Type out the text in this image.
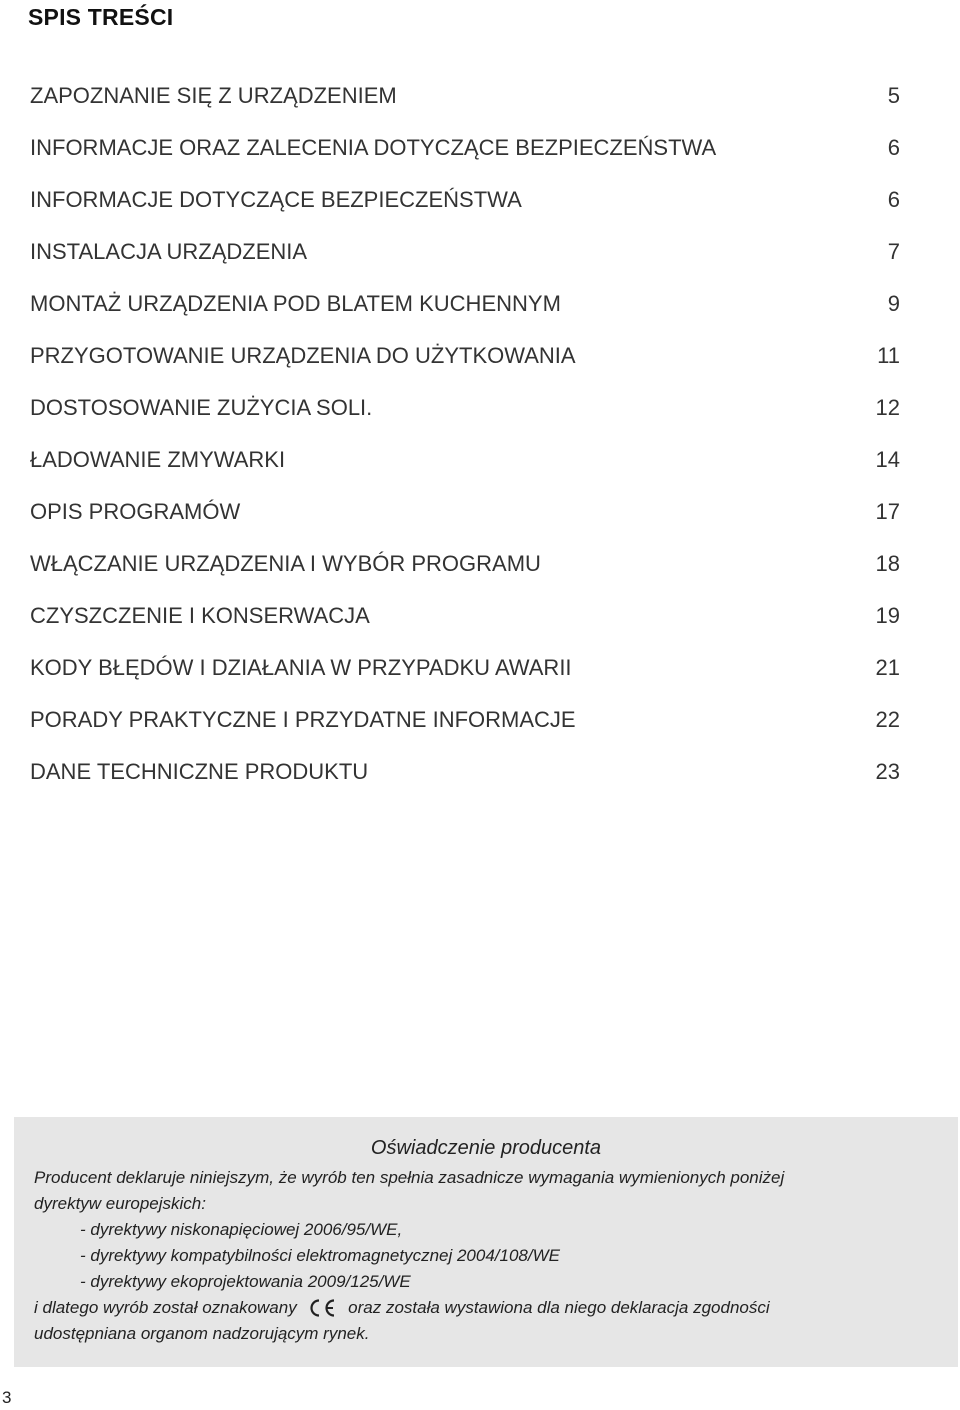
SPIS TREŚCI
ZAPOZNANIE SIĘ Z URZĄDZENIEM	5
INFORMACJE ORAZ ZALECENIA DOTYCZĄCE BEZPIECZEŃSTWA	6
INFORMACJE DOTYCZĄCE BEZPIECZEŃSTWA	6
INSTALACJA URZĄDZENIA	7
MONTAŻ URZĄDZENIA POD BLATEM KUCHENNYM	9
PRZYGOTOWANIE URZĄDZENIA DO UŻYTKOWANIA	11
DOSTOSOWANIE ZUŻYCIA SOLI.	12
ŁADOWANIE ZMYWARKI	14
OPIS PROGRAMÓW	17
WŁĄCZANIE URZĄDZENIA I WYBÓR PROGRAMU	18
CZYSZCZENIE I KONSERWACJA	19
KODY BŁĘDÓW I DZIAŁANIA W PRZYPADKU AWARII	21
PORADY PRAKTYCZNE I PRZYDATNE INFORMACJE	22
DANE TECHNICZNE PRODUKTU	23
Oświadczenie producenta
Producent deklaruje niniejszym, że wyrób ten spełnia zasadnicze wymagania wymienionych poniżej
dyrektyw europejskich:
- dyrektywy niskonapięciowej 2006/95/WE,
- dyrektywy kompatybilności elektromagnetycznej 2004/108/WE
- dyrektywy ekoprojektowania 2009/125/WE
i dlatego wyrób został oznakowany	oraz została wystawiona dla niego deklaracja zgodności
udostępniana organom nadzorującym rynek.
3
